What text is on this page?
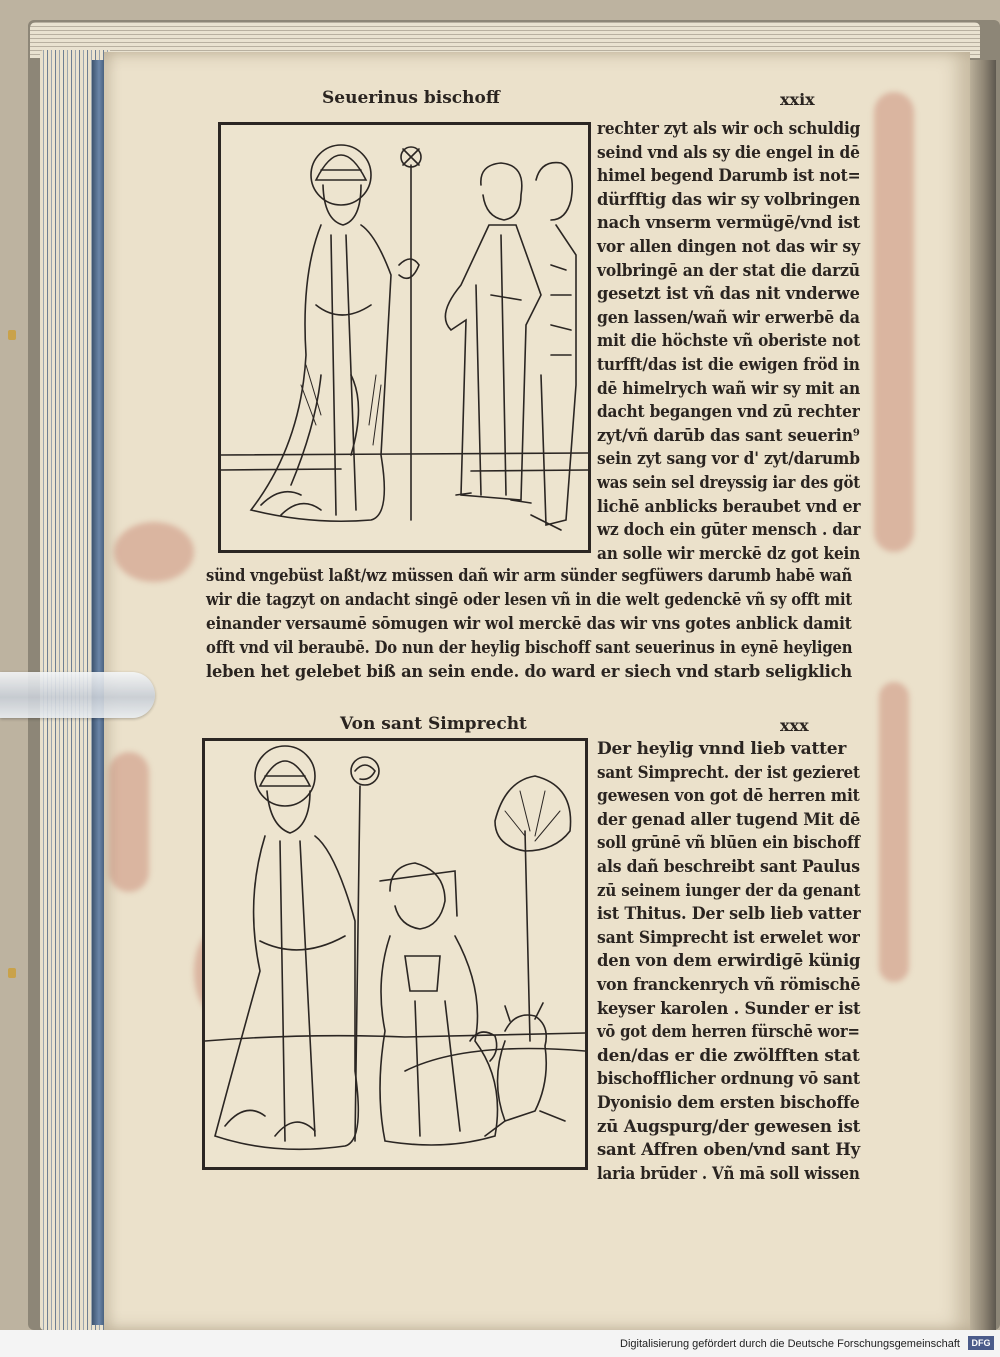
Seuerinus bischoff	xxix

rechter zyt als wir och schuldig

seind vnd als sy die engel in dē

himel begend Darumb ist not=

dürfftig das wir sy volbringen

nach vnserm vermügē/vnd ist

vor allen dingen not das wir sy

volbringē an der stat die darzū

gesetzt ist vñ das nit vnderwe

gen lassen/wañ wir erwerbē da

mit die höchste vñ oberiste not

turfft/das ist die ewigen fröd in

dē himelrych wañ wir sy mit an

dacht begangen vnd zū rechter

zyt/vñ darūb das sant seuerin⁹

sein zyt sang vor d' zyt/darumb

was sein sel dreyssig iar des göt

lichē anblicks beraubet vnd er

wz doch ein gūter mensch . dar

an solle wir merckē dz got kein

sünd vngebüst laßt/wz müssen dañ wir arm sünder segfüwers darumb habē wañ

wir die tagzyt on andacht singē oder lesen vñ in die welt gedenckē vñ sy offt mit

einander versaumē sōmugen wir wol merckē das wir vns gotes anblick damit

offt vnd vil beraubē. Do nun der heylig bischoff sant seuerinus in eynē heyligen

leben het gelebet biß an sein ende. do ward er siech vnd starb seligklich

Von sant Simprecht	xxx

Der heylig vnnd lieb vatter

sant Simprecht. der ist gezieret

gewesen von got dē herren mit

der genad aller tugend Mit dē

soll grūnē vñ blūen ein bischoff

als dañ beschreibt sant Paulus

zū seinem iunger der da genant

ist Thitus. Der selb lieb vatter

sant Simprecht ist erwelet wor

den von dem erwirdigē künig

von franckenrych vñ römischē

keyser karolen . Sunder er ist

vō got dem herren fürschē wor=

den/das er die zwölfften stat

bischofflicher ordnung vō sant

Dyonisio dem ersten bischoffe

zū Augspurg/der gewesen ist

sant Affren oben/vnd sant Hy

laria brūder . Vñ mā soll wissen

Digitalisierung gefördert durch die Deutsche Forschungsgemeinschaft	DFG
